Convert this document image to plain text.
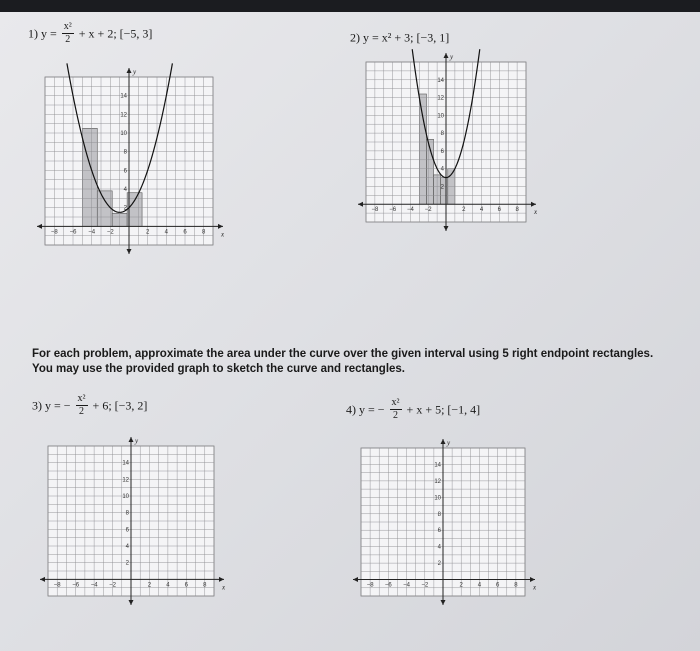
1) $y = \frac{\text{x²}}{2} + x + 2$; [−5, 3]	2) y = x² + 3; [−3, 1]
For each problem, approximate the area under the curve over the given interval using 5 right endpoint rectangles. You may use the provided graph to sketch the curve and rectangles.
3) y = − $\frac{\text{x²}}{2} + 6$; [−3, 2]	4) y = − $\frac{\text{x²}}{2} + x + 5$; [−1, 4]
x
y
−8 −6 −4 −2	2	4	6	8
2
4
6
8
10
12
14
x
y
−8 −6 −4 −2	2 4 6 8
2
4
6
8
10
12
14
x
y
−8 −6 −4 −2	2	4	6	8
2
4
6
8
10
12
14
x
y
−8 −6 −4 −2	2 4 6 8
2
4
6
8
10
12
14
